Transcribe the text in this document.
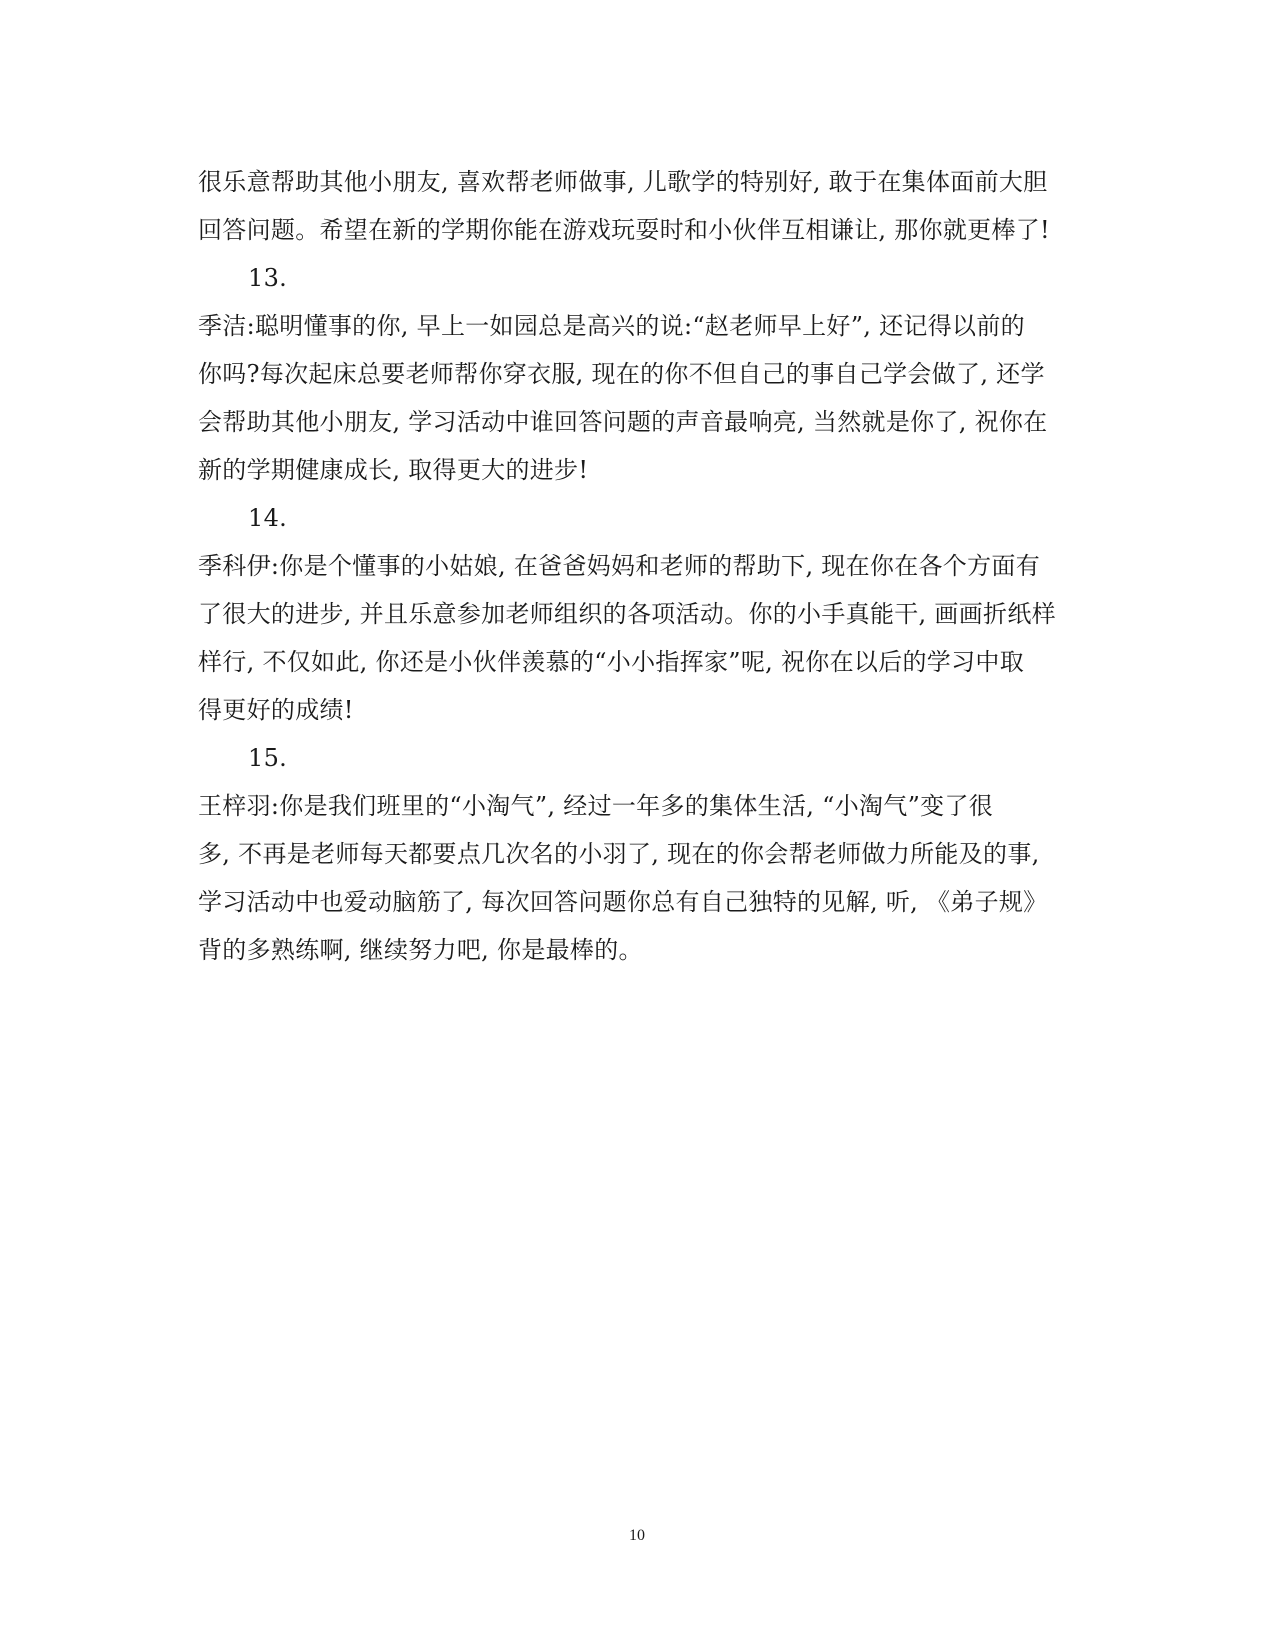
很乐意帮助其他小朋友, 喜欢帮老师做事, 儿歌学的特别好, 敢于在集体面前大胆
回答问题。希望在新的学期你能在游戏玩耍时和小伙伴互相谦让, 那你就更棒了!
13.
季洁:聪明懂事的你, 早上一如园总是高兴的说:“赵老师早上好”, 还记得以前的
你吗?每次起床总要老师帮你穿衣服, 现在的你不但自己的事自己学会做了, 还学
会帮助其他小朋友, 学习活动中谁回答问题的声音最响亮, 当然就是你了, 祝你在
新的学期健康成长, 取得更大的进步!
14.
季科伊:你是个懂事的小姑娘, 在爸爸妈妈和老师的帮助下, 现在你在各个方面有
了很大的进步, 并且乐意参加老师组织的各项活动。你的小手真能干, 画画折纸样
样行, 不仅如此, 你还是小伙伴羡慕的“小小指挥家”呢, 祝你在以后的学习中取
得更好的成绩!
15.
王梓羽:你是我们班里的“小淘气”, 经过一年多的集体生活, “小淘气”变了很
多, 不再是老师每天都要点几次名的小羽了, 现在的你会帮老师做力所能及的事,
学习活动中也爱动脑筋了, 每次回答问题你总有自己独特的见解, 听, 《弟子规》
背的多熟练啊, 继续努力吧, 你是最棒的。
10
